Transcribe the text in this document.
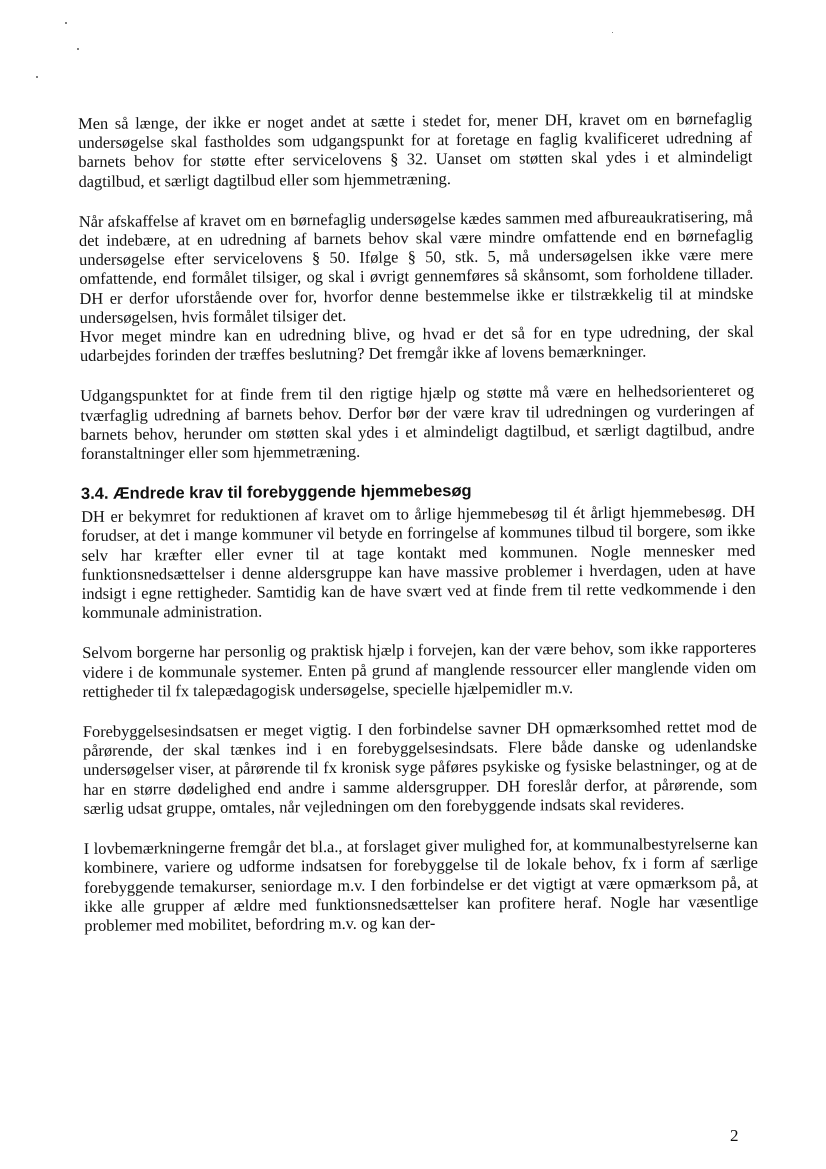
Men så længe, der ikke er noget andet at sætte i stedet for, mener DH, kravet om en børnefaglig undersøgelse skal fastholdes som udgangspunkt for at foretage en faglig kvalificeret udredning af barnets behov for støtte efter servicelovens § 32. Uanset om støtten skal ydes i et almindeligt dagtilbud, et særligt dagtilbud eller som hjemmetræning.

Når afskaffelse af kravet om en børnefaglig undersøgelse kædes sammen med afbureaukratisering, må det indebære, at en udredning af barnets behov skal være mindre omfattende end en børnefaglig undersøgelse efter servicelovens § 50. Ifølge § 50, stk. 5, må undersøgelsen ikke være mere omfattende, end formålet tilsiger, og skal i øvrigt gennemføres så skånsomt, som forholdene tillader. DH er derfor uforstående over for, hvorfor denne bestemmelse ikke er tilstrækkelig til at mindske undersøgelsen, hvis formålet tilsiger det.

Hvor meget mindre kan en udredning blive, og hvad er det så for en type udredning, der skal udarbejdes forinden der træffes beslutning? Det fremgår ikke af lovens bemærkninger.

Udgangspunktet for at finde frem til den rigtige hjælp og støtte må være en helhedsorienteret og tværfaglig udredning af barnets behov. Derfor bør der være krav til udredningen og vurderingen af barnets behov, herunder om støtten skal ydes i et almindeligt dagtilbud, et særligt dagtilbud, andre foranstaltninger eller som hjemmetræning.

3.4. Ændrede krav til forebyggende hjemmebesøg

DH er bekymret for reduktionen af kravet om to årlige hjemmebesøg til ét årligt hjemmebesøg. DH forudser, at det i mange kommuner vil betyde en forringelse af kommunes tilbud til borgere, som ikke selv har kræfter eller evner til at tage kontakt med kommunen. Nogle mennesker med funktionsnedsættelser i denne aldersgruppe kan have massive problemer i hverdagen, uden at have indsigt i egne rettigheder. Samtidig kan de have svært ved at finde frem til rette vedkommende i den kommunale administration.

Selvom borgerne har personlig og praktisk hjælp i forvejen, kan der være behov, som ikke rapporteres videre i de kommunale systemer. Enten på grund af manglende ressourcer eller manglende viden om rettigheder til fx talepædagogisk undersøgelse, specielle hjælpemidler m.v.

Forebyggelsesindsatsen er meget vigtig. I den forbindelse savner DH opmærksomhed rettet mod de pårørende, der skal tænkes ind i en forebyggelsesindsats. Flere både danske og udenlandske undersøgelser viser, at pårørende til fx kronisk syge påføres psykiske og fysiske belastninger, og at de har en større dødelighed end andre i samme aldersgrupper. DH foreslår derfor, at pårørende, som særlig udsat gruppe, omtales, når vejledningen om den forebyggende indsats skal revideres.

I lovbemærkningerne fremgår det bl.a., at forslaget giver mulighed for, at kommunalbestyrelserne kan kombinere, variere og udforme indsatsen for forebyggelse til de lokale behov, fx i form af særlige forebyggende temakurser, seniordage m.v. I den forbindelse er det vigtigt at være opmærksom på, at ikke alle grupper af ældre med funktionsnedsættelser kan profitere heraf. Nogle har væsentlige problemer med mobilitet, befordring m.v. og kan der-

2
